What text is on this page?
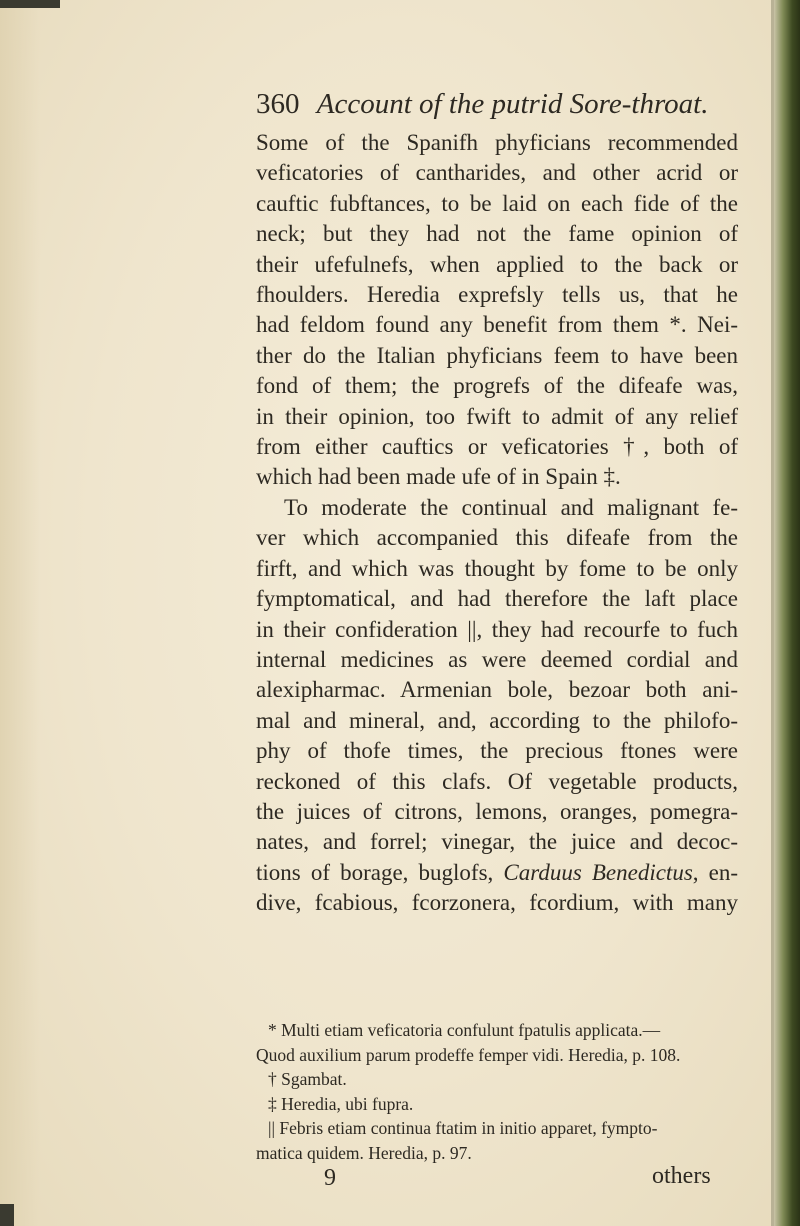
360 Account of the putrid Sore-throat.
Some of the Spanifh phyficians recommended
veficatories of cantharides, and other acrid or
cauftic fubftances, to be laid on each fide of the
neck; but they had not the fame opinion of
their ufefulnefs, when applied to the back or
fhoulders. Heredia exprefsly tells us, that he
had feldom found any benefit from them *. Nei-
ther do the Italian phyficians feem to have been
fond of them; the progrefs of the difeafe was,
in their opinion, too fwift to admit of any relief
from either cauftics or veficatories †, both of
which had been made ufe of in Spain ‡.
To moderate the continual and malignant fe-
ver which accompanied this difeafe from the
firft, and which was thought by fome to be only
fymptomatical, and had therefore the laft place
in their confideration ||, they had recourfe to fuch
internal medicines as were deemed cordial and
alexipharmac. Armenian bole, bezoar both ani-
mal and mineral, and, according to the philofo-
phy of thofe times, the precious ftones were
reckoned of this clafs. Of vegetable products,
the juices of citrons, lemons, oranges, pomegra-
nates, and forrel; vinegar, the juice and decoc-
tions of borage, buglofs, Carduus Benedictus, en-
dive, fcabious, fcorzonera, fcordium, with many
* Multi etiam veficatoria confulunt fpatulis applicata.—
Quod auxilium parum prodeffe femper vidi. Heredia, p. 108.
† Sgambat.
‡ Heredia, ubi fupra.
|| Febris etiam continua ftatim in initio apparet, fympto-
matica quidem. Heredia, p. 97.
9	others
